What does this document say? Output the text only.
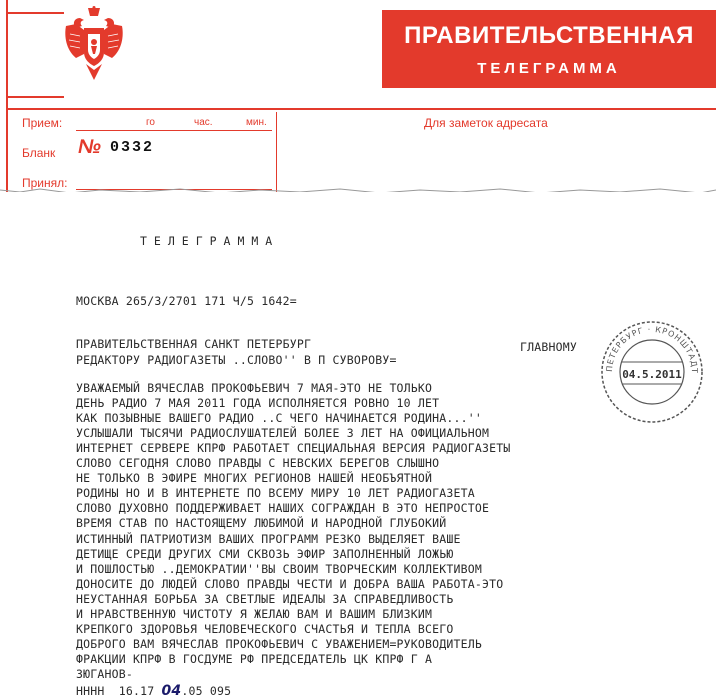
ПРАВИТЕЛЬСТВЕННАЯ
ТЕЛЕГРАММА
Прием:	го	час.	мин.	Для заметок адресата
Бланк № 0332
Принял:
ТЕЛЕГРАММА
МОСКВА 265/3/2701 171 Ч/5 1642=
ПРАВИТЕЛЬСТВЕННАЯ САНКТ ПЕТЕРБУРГ	ГЛАВНОМУ
РЕДАКТОРУ РАДИОГАЗЕТЫ ..СЛОВО'' В П СУВОРОВУ=
УВАЖАЕМЫЙ ВЯЧЕСЛАВ ПРОКОФЬЕВИЧ 7 МАЯ-ЭТО НЕ ТОЛЬКО
ДЕНЬ РАДИО 7 МАЯ 2011 ГОДА ИСПОЛНЯЕТСЯ РОВНО 10 ЛЕТ
КАК ПОЗЫВНЫЕ ВАШЕГО РАДИО ..С ЧЕГО НАЧИНАЕТСЯ РОДИНА...''
УСЛЫШАЛИ ТЫСЯЧИ РАДИОСЛУШАТЕЛЕЙ БОЛЕЕ 3 ЛЕТ НА ОФИЦИАЛЬНОМ
ИНТЕРНЕТ СЕРВЕРЕ КПРФ РАБОТАЕТ СПЕЦИАЛЬНАЯ ВЕРСИЯ РАДИОГАЗЕТЫ
СЛОВО СЕГОДНЯ СЛОВО ПРАВДЫ С НЕВСКИХ БЕРЕГОВ СЛЫШНО
НЕ ТОЛЬКО В ЭФИРЕ МНОГИХ РЕГИОНОВ НАШЕЙ НЕОБЪЯТНОЙ
РОДИНЫ НО И В ИНТЕРНЕТЕ ПО ВСЕМУ МИРУ 10 ЛЕТ РАДИОГАЗЕТА
СЛОВО ДУХОВНО ПОДДЕРЖИВАЕТ НАШИХ СОГРАЖДАН В ЭТО НЕПРОСТОЕ
ВРЕМЯ СТАВ ПО НАСТОЯЩЕМУ ЛЮБИМОЙ И НАРОДНОЙ ГЛУБОКИЙ
ИСТИННЫЙ ПАТРИОТИЗМ ВАШИХ ПРОГРАММ РЕЗКО ВЫДЕЛЯЕТ ВАШЕ
ДЕТИЩЕ СРЕДИ ДРУГИХ СМИ СКВОЗЬ ЭФИР ЗАПОЛНЕННЫЙ ЛОЖЬЮ
И ПОШЛОСТЬЮ ..ДЕМОКРАТИИ''ВЫ СВОИМ ТВОРЧЕСКИМ КОЛЛЕКТИВОМ
ДОНОСИТЕ ДО ЛЮДЕЙ СЛОВО ПРАВДЫ ЧЕСТИ И ДОБРА ВАША РАБОТА-ЭТО
НЕУСТАННАЯ БОРЬБА ЗА СВЕТЛЫЕ ИДЕАЛЫ ЗА СПРАВЕДЛИВОСТЬ
И НРАВСТВЕННУЮ ЧИСТОТУ Я ЖЕЛАЮ ВАМ И ВАШИМ БЛИЗКИМ
КРЕПКОГО ЗДОРОВЬЯ ЧЕЛОВЕЧЕСКОГО СЧАСТЬЯ И ТЕПЛА ВСЕГО
ДОБРОГО ВАМ ВЯЧЕСЛАВ ПРОКОФЬЕВИЧ С УВАЖЕНИЕМ=РУКОВОДИТЕЛЬ
ФРАКЦИИ КПРФ В ГОСДУМЕ РФ ПРЕДСЕДАТЕЛЬ ЦК КПРФ Г А
ЗЮГАНОВ-
НННН  16.17 04.05 095
ПЕТЕРБУРГ · КРОНШТАДТ
04.5.2011
